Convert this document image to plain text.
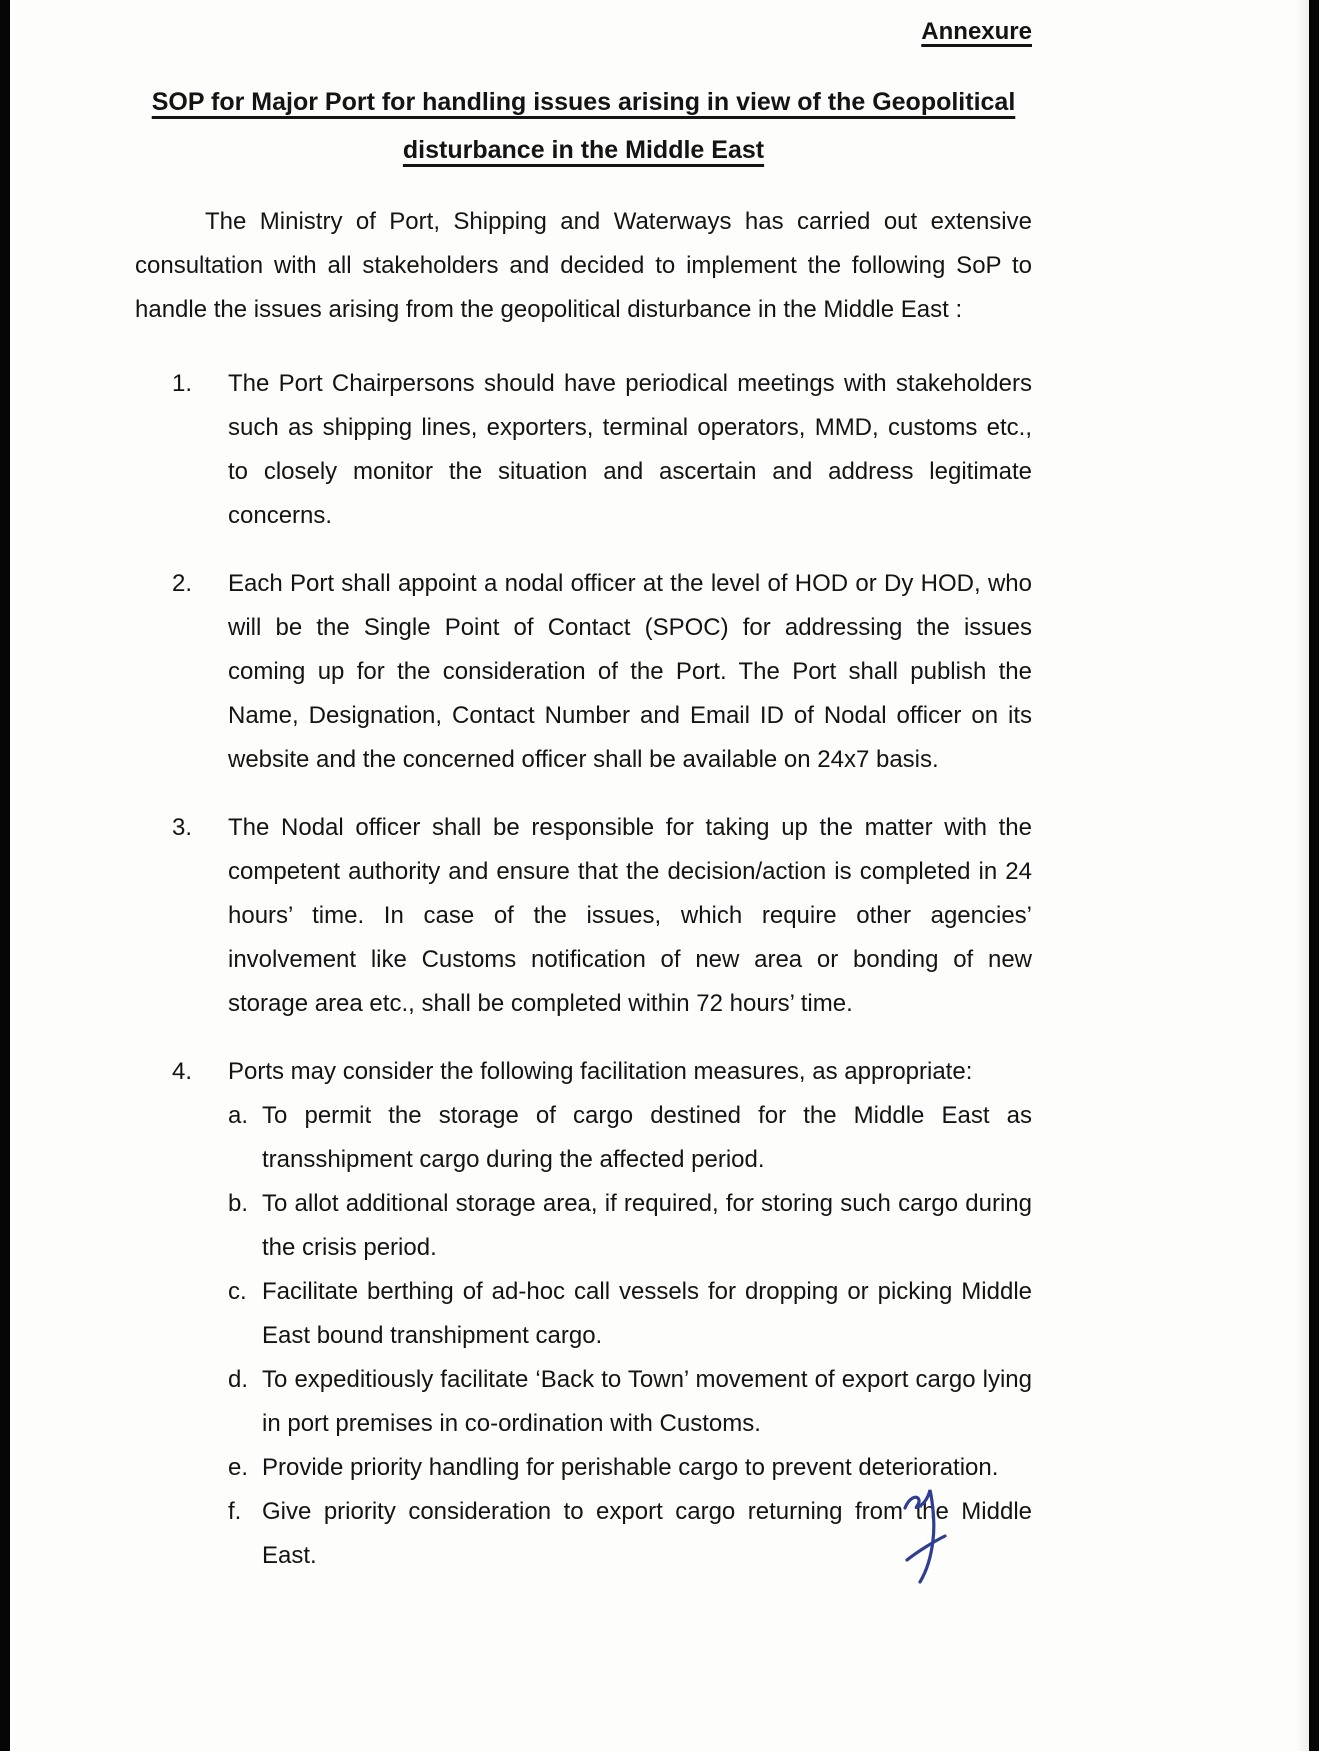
Annexure
SOP for Major Port for handling issues arising in view of the Geopolitical
disturbance in the Middle East

The Ministry of Port, Shipping and Waterways has carried out extensive consultation with all stakeholders and decided to implement the following SoP to handle the issues arising from the geopolitical disturbance in the Middle East :

1.	The Port Chairpersons should have periodical meetings with stakeholders such as shipping lines, exporters, terminal operators, MMD, customs etc., to closely monitor the situation and ascertain and address legitimate concerns.
2.	Each Port shall appoint a nodal officer at the level of HOD or Dy HOD, who will be the Single Point of Contact (SPOC) for addressing the issues coming up for the consideration of the Port. The Port shall publish the Name, Designation, Contact Number and Email ID of Nodal officer on its website and the concerned officer shall be available on 24x7 basis.
3.	The Nodal officer shall be responsible for taking up the matter with the competent authority and ensure that the decision/action is completed in 24 hours’ time. In case of the issues, which require other agencies’ involvement like Customs notification of new area or bonding of new storage area etc., shall be completed within 72 hours’ time.
4.	Ports may consider the following facilitation measures, as appropriate:
a. To permit the storage of cargo destined for the Middle East as transshipment cargo during the affected period.
b. To allot additional storage area, if required, for storing such cargo during the crisis period.
c. Facilitate berthing of ad-hoc call vessels for dropping or picking Middle East bound transhipment cargo.
d. To expeditiously facilitate ‘Back to Town’ movement of export cargo lying in port premises in co-ordination with Customs.
e. Provide priority handling for perishable cargo to prevent deterioration.
f. Give priority consideration to export cargo returning from the Middle East.
